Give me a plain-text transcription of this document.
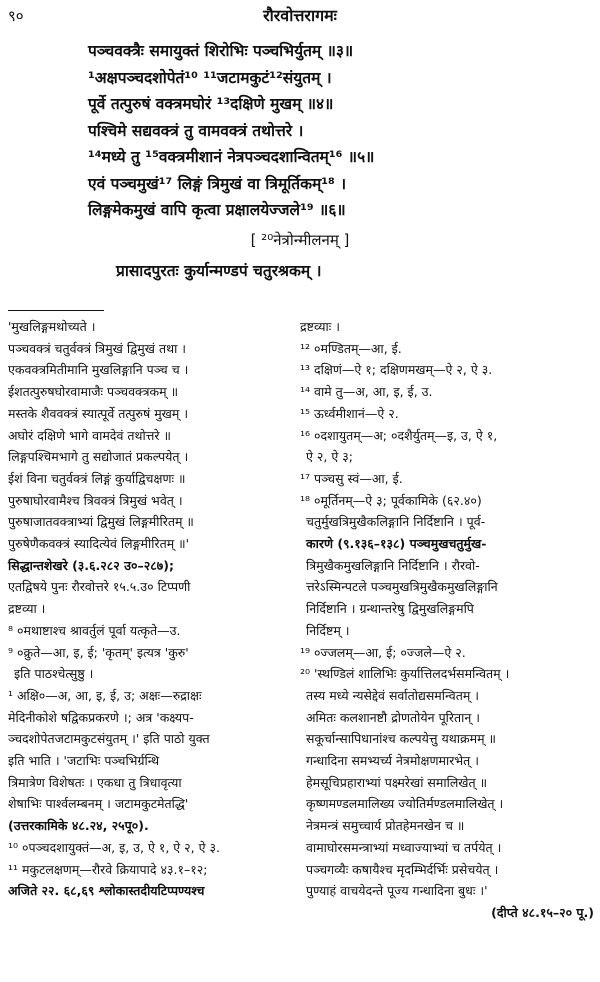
९०	रौरवोत्तरागमः
पञ्चवक्त्रैः समायुक्तं शिरोभिः पञ्चभिर्युतम् ॥३॥
¹अक्षपञ्चदशोपेतं¹⁰ ¹¹जटामकुटं¹²संयुतम् ।
पूर्वे तत्पुरुषं वक्त्रमघोरं ¹³दक्षिणे मुखम् ॥४॥
पश्चिमे सद्यवक्त्रं तु वामवक्त्रं तथोत्तरे ।
¹⁴मध्ये तु ¹⁵वक्त्रमीशानं नेत्रपञ्चदशान्वितम्¹⁶ ॥५॥
एवं पञ्चमुखं¹⁷ लिङ्गं त्रिमुखं वा त्रिमूर्तिकम्¹⁸ ।
लिङ्गमेकमुखं वापि कृत्वा प्रक्षालयेज्जले¹⁹ ॥६॥
[ ²⁰नेत्रोन्मीलनम् ]
प्रासादपुरतः कुर्यान्मण्डपं चतुरश्रकम् ।
'मुखलिङ्गमथोच्यते ।
पञ्चवक्त्रं चतुर्वक्त्रं त्रिमुखं द्विमुखं तथा ।
एकवक्त्रमितीमानि मुखलिङ्गानि पञ्च च ।
ईशतत्पुरुषघोरवामाजैः पञ्चवक्त्रकम् ॥
मस्तके शैववक्त्रं स्यात्पूर्वे तत्पुरुषं मुखम् ।
अघोरं दक्षिणे भागे वामदेवं तथोत्तरे ॥
लिङ्गपश्चिमभागे तु सद्योजातं प्रकल्पयेत् ।
ईशं विना चतुर्वक्त्रं लिङ्गं कुर्याद्विचक्षणः ॥
पुरुषाघोरवामैश्च त्रिवक्त्रं त्रिमुखं भवेत् ।
पुरुषाजातवक्त्राभ्यां द्विमुखं लिङ्गमीरितम् ॥
पुरुषेणैकवक्त्रं स्यादित्येवं लिङ्गमीरितम् ॥'
सिद्धान्तशेखरे (३.६.२८२ उ०–२८७);
एतद्विषये पुनः रौरवोत्तरे १५.५.उ० टिप्पणी
द्रष्टव्या ।
⁸ ०मथाष्टाश्च श्रावर्तुलं पूर्वा यत्कृते—उ.
⁹ ०क्रुते—आ, इ, ई; 'कृतम्' इत्यत्र 'कुरु'
इति पाठश्चेत्सुष्ठु ।
¹ अक्षि०—अ, आ, इ, ई, उ; अक्षः—रुद्राक्षः
मेदिनीकोशे षद्विकप्रकरणे ।; अत्र 'कक्ष्यप-
ञ्चदशोपेतजटामकुटसंयुतम् ।' इति पाठो युक्त
इति भाति । 'जटाभिः पञ्चभिर्ग्रन्थि
त्रिमात्रेण विशेषतः । एकधा तु त्रिधावृत्या
शेषाभिः पार्श्वलम्बनम् । जटामकुटमेतद्धि'
(उत्तरकामिके ४८.२४, २५पू०).
¹⁰ ०पञ्चदशायुक्तं—अ, इ, उ, ऐ १, ऐ २, ऐ ३.
¹¹ मकुटलक्षणम्—रौरवे क्रियापादे ४३.१–१२;
अजिते २२. ६८,६९ श्लोकास्तदीयटिप्पण्यश्च
द्रष्टव्याः ।
¹² ०मण्डितम्—आ, ई.
¹³ दक्षिणं—ऐ १; दक्षिणमखम्—ऐ २, ऐ ३.
¹⁴ वामे तु—अ, आ, इ, ई, उ.
¹⁵ ऊर्ध्वमीशानं—ऐ २.
¹⁶ ०दशायुतम्—अ; ०दशैर्युतम्—इ, उ, ऐ १,
ऐ २, ऐ ३;
¹⁷ पञ्चसु स्वं—आ, ई.
¹⁸ ०मूर्तिनम्—ऐ ३; पूर्वकामिके (६२.४०)
चतुर्मुखत्रिमुखैकलिङ्गानि निर्दिष्टानि । पूर्व-
कारणे (९.१३६–१३८) पञ्चमुखचतुर्मुख-
त्रिमुखैकमुखलिङ्गानि निर्दिष्टानि । रौरवो-
त्तरेऽस्मिन्पटले पञ्चमुखत्रिमुखैकमुखलिङ्गानि
निर्दिष्टानि । ग्रन्थान्तरेषु द्विमुखलिङ्गमपि
निर्दिष्टम् ।
¹⁹ ०ज्जलम्—आ, ई; ०ज्जले—ऐ २.
²⁰ 'स्थण्डिलं शालिभिः कुर्यात्तिलदर्भसमन्वितम् ।
तस्य मध्ये न्यसेद्देवं सर्वातोद्यसमन्वितम् ।
अमितः कलशानष्टौ द्रोणतोयेन पूरितान् ।
सकूर्चान्सापिधानांश्च कल्पयेत्तु यथाक्रमम् ॥
गन्धादिना समभ्यर्च्य नेत्रमोक्षणमारभेत् ।
हेमसूचिप्रहाराभ्यां पक्ष्मरेखां समालिखेत् ॥
कृष्णमण्डलमालिख्य ज्योतिर्मण्डलमालिखेत् ।
नेत्रमन्त्रं समुच्चार्य प्रोतहेमनखेन च ॥
वामाघोरसमन्त्राभ्यां मध्वाज्याभ्यां च तर्पयेत् ।
पञ्चगव्यैः कषायैश्च मृदम्भिर्दर्भिः प्रसेचयेत् ।
पुण्याहं वाचयेदन्ते पूज्य गन्धादिना बुधः ।'
(दीप्ते ४८.१५–२० पू.)
